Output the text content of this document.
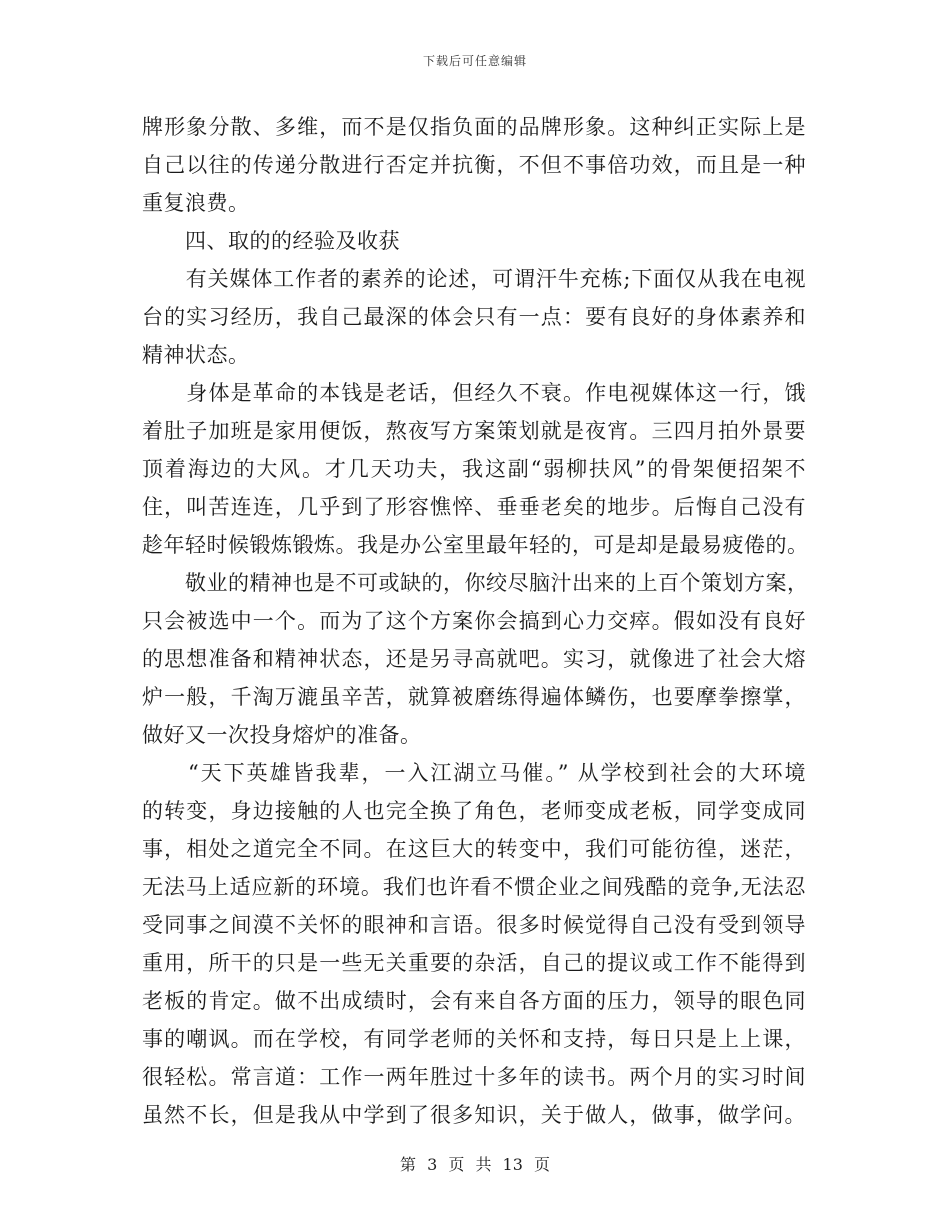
下载后可任意编辑
牌形象分散、多维，而不是仅指负面的品牌形象。这种纠正实际上是
自己以往的传递分散进行否定并抗衡，不但不事倍功效，而且是一种
重复浪费。
　　四、取的的经验及收获
　　有关媒体工作者的素养的论述，可谓汗牛充栋;下面仅从我在电视
台的实习经历，我自己最深的体会只有一点：要有良好的身体素养和
精神状态。
　　身体是革命的本钱是老话，但经久不衰。作电视媒体这一行，饿
着肚子加班是家用便饭，熬夜写方案策划就是夜宵。三四月拍外景要
顶着海边的大风。才几天功夫，我这副“弱柳扶风”的骨架便招架不
住，叫苦连连，几乎到了形容憔悴、垂垂老矣的地步。后悔自己没有
趁年轻时候锻炼锻炼。我是办公室里最年轻的，可是却是最易疲倦的。
　　敬业的精神也是不可或缺的，你绞尽脑汁出来的上百个策划方案，
只会被选中一个。而为了这个方案你会搞到心力交瘁。假如没有良好
的思想准备和精神状态，还是另寻高就吧。实习，就像进了社会大熔
炉一般，千淘万漉虽辛苦，就算被磨练得遍体鳞伤，也要摩拳擦掌，
做好又一次投身熔炉的准备。
　　“天下英雄皆我辈，一入江湖立马催。” 从学校到社会的大环境
的转变，身边接触的人也完全换了角色，老师变成老板，同学变成同
事，相处之道完全不同。在这巨大的转变中，我们可能彷徨，迷茫，
无法马上适应新的环境。我们也许看不惯企业之间残酷的竞争,无法忍
受同事之间漠不关怀的眼神和言语。很多时候觉得自己没有受到领导
重用，所干的只是一些无关重要的杂活，自己的提议或工作不能得到
老板的肯定。做不出成绩时，会有来自各方面的压力，领导的眼色同
事的嘲讽。而在学校，有同学老师的关怀和支持，每日只是上上课，
很轻松。常言道：工作一两年胜过十多年的读书。两个月的实习时间
虽然不长，但是我从中学到了很多知识，关于做人，做事，做学问。
第 3 页 共 13 页
